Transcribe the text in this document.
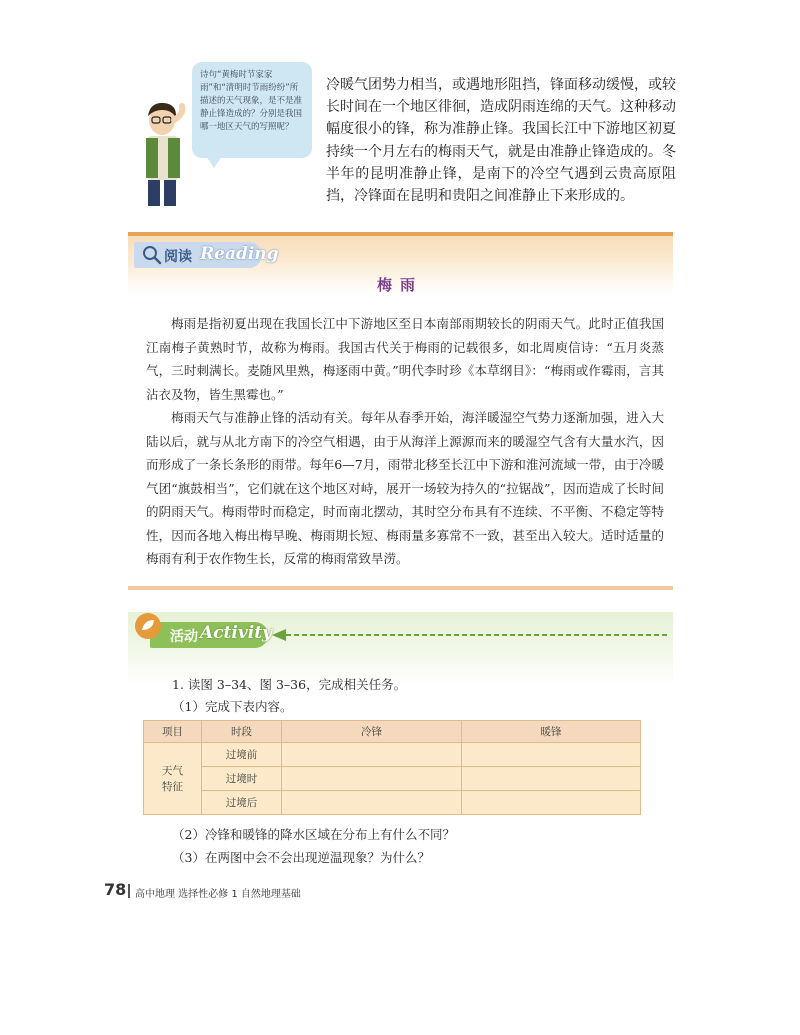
诗句“黄梅时节家家雨”和“清明时节雨纷纷”所描述的天气现象，是不是准静止锋造成的？分别是我国哪一地区天气的写照呢？
冷暖气团势力相当，或遇地形阻挡，锋面移动缓慢，或较长时间在一个地区徘徊，造成阴雨连绵的天气。这种移动幅度很小的锋，称为准静止锋。我国长江中下游地区初夏持续一个月左右的梅雨天气，就是由准静止锋造成的。冬半年的昆明准静止锋，是南下的冷空气遇到云贵高原阻挡，冷锋面在昆明和贵阳之间准静止下来形成的。
阅读 Reading
梅雨

梅雨是指初夏出现在我国长江中下游地区至日本南部雨期较长的阴雨天气。此时正值我国江南梅子黄熟时节，故称为梅雨。我国古代关于梅雨的记载很多，如北周庾信诗：“五月炎蒸气，三时刺满长。麦随风里熟，梅逐雨中黄。”明代李时珍《本草纲目》：“梅雨或作霉雨，言其沾衣及物，皆生黑霉也。”

梅雨天气与准静止锋的活动有关。每年从春季开始，海洋暖湿空气势力逐渐加强，进入大陆以后，就与从北方南下的冷空气相遇，由于从海洋上源源而来的暖湿空气含有大量水汽，因而形成了一条长条形的雨带。每年6—7月，雨带北移至长江中下游和淮河流域一带，由于冷暖气团“旗鼓相当”，它们就在这个地区对峙，展开一场较为持久的“拉锯战”，因而造成了长时间的阴雨天气。梅雨带时而稳定，时而南北摆动，其时空分布具有不连续、不平衡、不稳定等特性，因而各地入梅出梅早晚、梅雨期长短、梅雨量多寡常不一致，甚至出入较大。适时适量的梅雨有利于农作物生长，反常的梅雨常致旱涝。

活动 Activity
1. 读图 3–34、图 3–36，完成相关任务。
（1）完成下表内容。
项目	时段	冷锋	暖锋
天气特征	过境前		
	过境时		
	过境后		
（2）冷锋和暖锋的降水区域在分布上有什么不同？
（3）在两图中会不会出现逆温现象？为什么？
78 高中地理 选择性必修 1 自然地理基础
